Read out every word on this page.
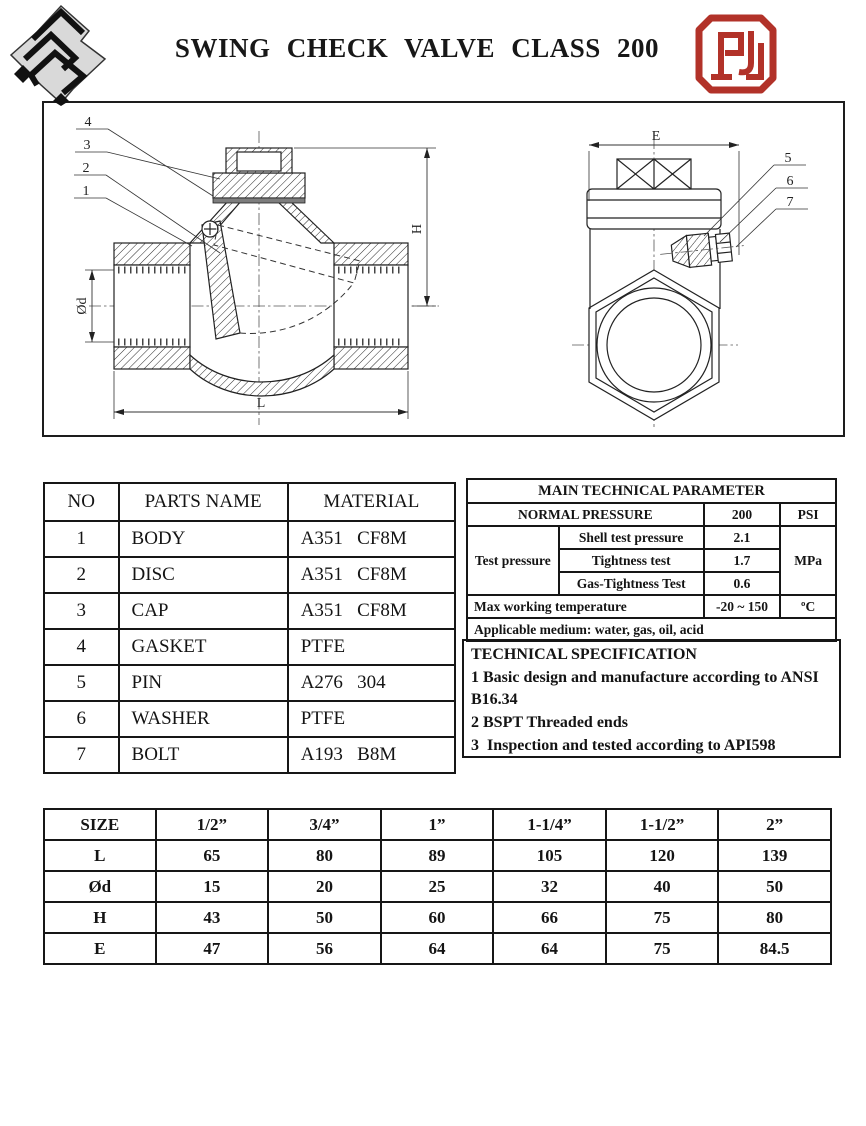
SWING CHECK VALVE CLASS 200
H
Ød
L
4
3
2
1
E
5
6
7
NO	PARTS NAME	MATERIAL
1	BODY	A351   CF8M
2	DISC	A351   CF8M
3	CAP	A351   CF8M
4	GASKET	PTFE
5	PIN	A276   304
6	WASHER	PTFE
7	BOLT	A193   B8M
MAIN TECHNICAL PARAMETER			
NORMAL PRESSURE		200	PSI
Test pressure	Shell test pressure	2.1	MPa
	Tightness test	1.7	
	Gas-Tightness Test	0.6	
Max working temperature		-20 ~ 150	ºC
Applicable medium: water, gas, oil, acid			
TECHNICAL SPECIFICATION
1 Basic design and manufacture according to ANSI  B16.34
2 BSPT Threaded ends
3  Inspection and tested according to API598
SIZE	1/2”	3/4”	1”	1-1/4”	1-1/2”	2”
L	65	80	89	105	120	139
Ød	15	20	25	32	40	50
H	43	50	60	66	75	80
E	47	56	64	64	75	84.5
